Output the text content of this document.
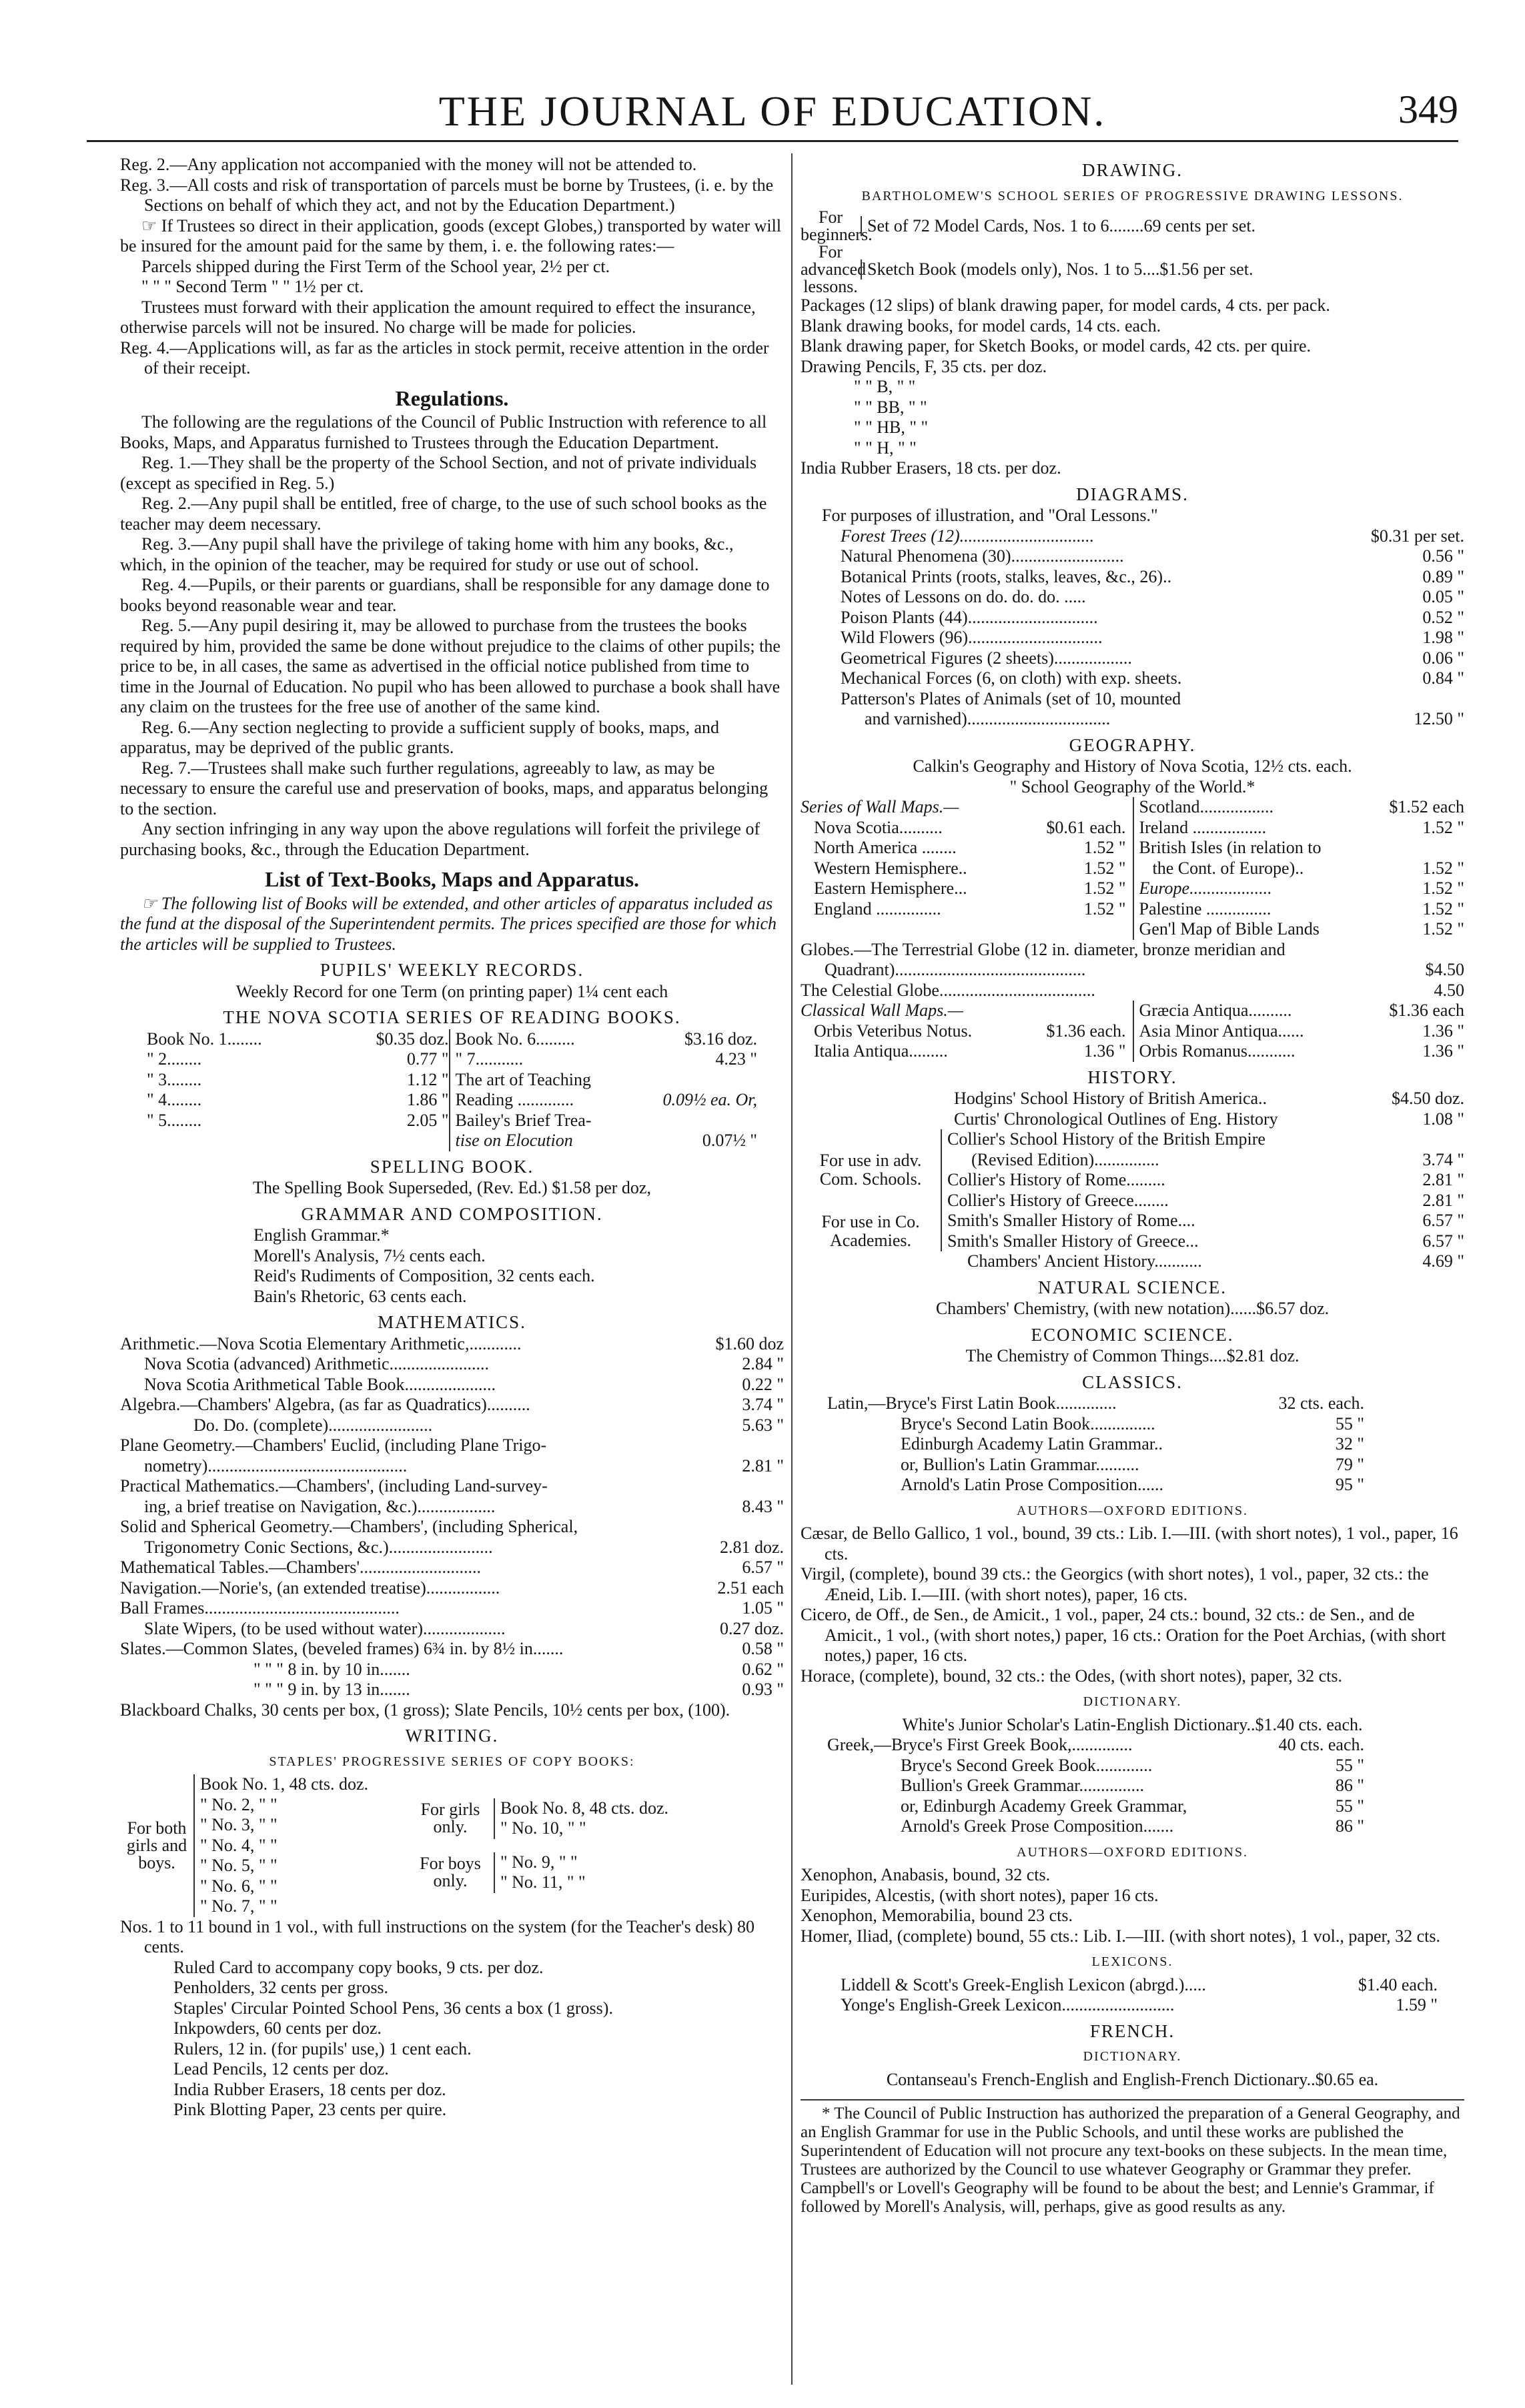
THE JOURNAL OF EDUCATION.	349

Reg. 2.—Any application not accompanied with the money will not be attended to.

Reg. 3.—All costs and risk of transportation of parcels must be borne by Trustees, (i. e. by the Sections on behalf of which they act, and not by the Education Department.)

☞ If Trustees so direct in their application, goods (except Globes,) transported by water will be insured for the amount paid for the same by them, i. e. the following rates:—

Parcels shipped during the First Term of the School year, 2½ per ct.

" " " Second Term " " 1½ per ct.

Trustees must forward with their application the amount required to effect the insurance, otherwise parcels will not be insured. No charge will be made for policies.

Reg. 4.—Applications will, as far as the articles in stock permit, receive attention in the order of their receipt.

Regulations.

The following are the regulations of the Council of Public Instruction with reference to all Books, Maps, and Apparatus furnished to Trustees through the Education Department.

Reg. 1.—They shall be the property of the School Section, and not of private individuals (except as specified in Reg. 5.)

Reg. 2.—Any pupil shall be entitled, free of charge, to the use of such school books as the teacher may deem necessary.

Reg. 3.—Any pupil shall have the privilege of taking home with him any books, &c., which, in the opinion of the teacher, may be required for study or use out of school.

Reg. 4.—Pupils, or their parents or guardians, shall be responsible for any damage done to books beyond reasonable wear and tear.

Reg. 5.—Any pupil desiring it, may be allowed to purchase from the trustees the books required by him, provided the same be done without prejudice to the claims of other pupils; the price to be, in all cases, the same as advertised in the official notice published from time to time in the Journal of Education. No pupil who has been allowed to purchase a book shall have any claim on the trustees for the free use of another of the same kind.

Reg. 6.—Any section neglecting to provide a sufficient supply of books, maps, and apparatus, may be deprived of the public grants.

Reg. 7.—Trustees shall make such further regulations, agreeably to law, as may be necessary to ensure the careful use and preservation of books, maps, and apparatus belonging to the section.

Any section infringing in any way upon the above regulations will forfeit the privilege of purchasing books, &c., through the Education Department.

List of Text-Books, Maps and Apparatus.

☞ The following list of Books will be extended, and other articles of apparatus included as the fund at the disposal of the Superintendent permits. The prices specified are those for which the articles will be supplied to Trustees.

PUPILS' WEEKLY RECORDS.

Weekly Record for one Term (on printing paper) 1¼ cent each

THE NOVA SCOTIA SERIES OF READING BOOKS.
Book No. 1........	$0.35 doz.
" 2........	0.77 "
" 3........	1.12 "
" 4........	1.86 "
" 5........	2.05 "
Book No. 6.........	$3.16 doz.
" 7...........	4.23 "
The art of Teaching
Reading .............	0.09½ ea. Or,
Bailey's Brief Trea-
tise on Elocution	0.07½ "
SPELLING BOOK.

The Spelling Book Superseded, (Rev. Ed.) $1.58 per doz,

GRAMMAR AND COMPOSITION.

English Grammar.*

Morell's Analysis, 7½ cents each.

Reid's Rudiments of Composition, 32 cents each.

Bain's Rhetoric, 63 cents each.

MATHEMATICS.
Arithmetic.—Nova Scotia Elementary Arithmetic,............	$1.60 doz
Nova Scotia (advanced) Arithmetic.......................	2.84 "
Nova Scotia Arithmetical Table Book.....................	0.22 "
Algebra.—Chambers' Algebra, (as far as Quadratics)..........	3.74 "
Do. Do. (complete)........................	5.63 "
Plane Geometry.—Chambers' Euclid, (including Plane Trigo-
nometry)..............................................	2.81 "
Practical Mathematics.—Chambers', (including Land-survey-
ing, a brief treatise on Navigation, &c.)..................	8.43 "
Solid and Spherical Geometry.—Chambers', (including Spherical,
Trigonometry Conic Sections, &c.)........................	2.81 doz.
Mathematical Tables.—Chambers'............................	6.57 "
Navigation.—Norie's, (an extended treatise).................	2.51 each
Ball Frames.............................................	1.05 "
Slate Wipers, (to be used without water)...................	0.27 doz.
Slates.—Common Slates, (beveled frames) 6¾ in. by 8½ in.......	0.58 "
" " " 8 in. by 10 in.......	0.62 "
" " " 9 in. by 13 in.......	0.93 "

Blackboard Chalks, 30 cents per box, (1 gross); Slate Pencils, 10½ cents per box, (100).

WRITING.
STAPLES' PROGRESSIVE SERIES OF COPY BOOKS:
For both girls and boys.
Book No. 1, 48 cts. doz.
" No. 2, " "
" No. 3, " "
" No. 4, " "
" No. 5, " "
" No. 6, " "
" No. 7, " "
For girls only.
Book No. 8, 48 cts. doz.
" No. 10, " "
For boys only.
" No. 9, " "
" No. 11, " "

Nos. 1 to 11 bound in 1 vol., with full instructions on the system (for the Teacher's desk) 80 cents.

Ruled Card to accompany copy books, 9 cts. per doz.

Penholders, 32 cents per gross.

Staples' Circular Pointed School Pens, 36 cents a box (1 gross).

Inkpowders, 60 cents per doz.

Rulers, 12 in. (for pupils' use,) 1 cent each.

Lead Pencils, 12 cents per doz.

India Rubber Erasers, 18 cents per doz.

Pink Blotting Paper, 23 cents per quire.

DRAWING.
BARTHOLOMEW'S SCHOOL SERIES OF PROGRESSIVE DRAWING LESSONS.
For beginners.
Set of 72 Model Cards, Nos. 1 to 6........69 cents per set.
For advanced lessons.
Sketch Book (models only), Nos. 1 to 5....$1.56 per set.

Packages (12 slips) of blank drawing paper, for model cards, 4 cts. per pack.

Blank drawing books, for model cards, 14 cts. each.

Blank drawing paper, for Sketch Books, or model cards, 42 cts. per quire.

Drawing Pencils, F, 35 cts. per doz.

" " B, " "

" " BB, " "

" " HB, " "

" " H, " "

India Rubber Erasers, 18 cts. per doz.

DIAGRAMS.

For purposes of illustration, and "Oral Lessons."

Forest Trees (12)...............................	$0.31 per set.
Natural Phenomena (30)..........................	0.56 "
Botanical Prints (roots, stalks, leaves, &c., 26)..	0.89 "
Notes of Lessons on do. do. do. .....	0.05 "
Poison Plants (44)..............................	0.52 "
Wild Flowers (96)...............................	1.98 "
Geometrical Figures (2 sheets)..................	0.06 "
Mechanical Forces (6, on cloth) with exp. sheets.	0.84 "
Patterson's Plates of Animals (set of 10, mounted
and varnished).................................	12.50 "
GEOGRAPHY.

Calkin's Geography and History of Nova Scotia, 12½ cts. each.

" School Geography of the World.*

Series of Wall Maps.—

Nova Scotia..........	$0.61 each.
North America ........	1.52 "
Western Hemisphere..	1.52 "
Eastern Hemisphere...	1.52 "
England ...............	1.52 "
Scotland.................	$1.52 each
Ireland .................	1.52 "
British Isles (in relation to
the Cont. of Europe)..	1.52 "
Europe...................	1.52 "
Palestine ...............	1.52 "
Gen'l Map of Bible Lands	1.52 "
Globes.—The Terrestrial Globe (12 in. diameter, bronze meridian and
Quadrant)............................................	$4.50
The Celestial Globe....................................	4.50

Classical Wall Maps.—

Orbis Veteribus Notus.	$1.36 each.
Italia Antiqua.........	1.36 "
Græcia Antiqua..........	$1.36 each
Asia Minor Antiqua......	1.36 "
Orbis Romanus...........	1.36 "
HISTORY.
Hodgins' School History of British America..	$4.50 doz.
Curtis' Chronological Outlines of Eng. History	1.08 "
For use in adv. Com. Schools.
Collier's School History of the British Empire
(Revised Edition)...............	3.74 "
Collier's History of Rome.........	2.81 "
Collier's History of Greece........	2.81 "
For use in Co. Academies.
Smith's Smaller History of Rome....	6.57 "
Smith's Smaller History of Greece...	6.57 "
Chambers' Ancient History...........	4.69 "
NATURAL SCIENCE.

Chambers' Chemistry, (with new notation)......$6.57 doz.

ECONOMIC SCIENCE.

The Chemistry of Common Things....$2.81 doz.

CLASSICS.
Latin,—Bryce's First Latin Book..............	32 cts. each.
Bryce's Second Latin Book...............	55 "
Edinburgh Academy Latin Grammar..	32 "
or, Bullion's Latin Grammar..........	79 "
Arnold's Latin Prose Composition......	95 "
AUTHORS—OXFORD EDITIONS.

Cæsar, de Bello Gallico, 1 vol., bound, 39 cts.: Lib. I.—III. (with short notes), 1 vol., paper, 16 cts.

Virgil, (complete), bound 39 cts.: the Georgics (with short notes), 1 vol., paper, 32 cts.: the Æneid, Lib. I.—III. (with short notes), paper, 16 cts.

Cicero, de Off., de Sen., de Amicit., 1 vol., paper, 24 cts.: bound, 32 cts.: de Sen., and de Amicit., 1 vol., (with short notes,) paper, 16 cts.: Oration for the Poet Archias, (with short notes,) paper, 16 cts.

Horace, (complete), bound, 32 cts.: the Odes, (with short notes), paper, 32 cts.

DICTIONARY.

White's Junior Scholar's Latin-English Dictionary..$1.40 cts. each.

Greek,—Bryce's First Greek Book,..............	40 cts. each.
Bryce's Second Greek Book.............	55 "
Bullion's Greek Grammar...............	86 "
or, Edinburgh Academy Greek Grammar,	55 "
Arnold's Greek Prose Composition.......	86 "
AUTHORS—OXFORD EDITIONS.

Xenophon, Anabasis, bound, 32 cts.

Euripides, Alcestis, (with short notes), paper 16 cts.

Xenophon, Memorabilia, bound 23 cts.

Homer, Iliad, (complete) bound, 55 cts.: Lib. I.—III. (with short notes), 1 vol., paper, 32 cts.

LEXICONS.
Liddell & Scott's Greek-English Lexicon (abrgd.).....	$1.40 each.
Yonge's English-Greek Lexicon..........................	1.59 "
FRENCH.
DICTIONARY.

Contanseau's French-English and English-French Dictionary..$0.65 ea.

* The Council of Public Instruction has authorized the preparation of a General Geography, and an English Grammar for use in the Public Schools, and until these works are published the Superintendent of Education will not procure any text-books on these subjects. In the mean time, Trustees are authorized by the Council to use whatever Geography or Grammar they prefer. Campbell's or Lovell's Geography will be found to be about the best; and Lennie's Grammar, if followed by Morell's Analysis, will, perhaps, give as good results as any.
